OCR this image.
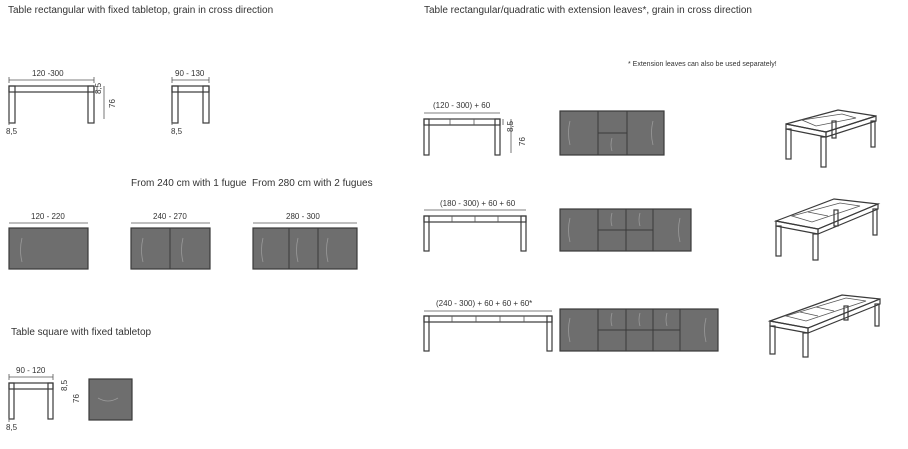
Table rectangular with fixed tabletop, grain in cross direction	Table rectangular/quadratic with extension leaves*, grain in cross direction
* Extension leaves can also be used separately!
120 -300
8,5
76
8,5
90 - 130
8,5
From 240 cm with 1 fugue From 280 cm with 2 fugues
120 - 220	240 - 270	280 - 300
Table square with fixed tabletop
90 - 120
8,5
76
8,5
(120 - 300) + 60
8,5
76
(180 - 300) + 60 + 60
(240 - 300) + 60 + 60 + 60*
